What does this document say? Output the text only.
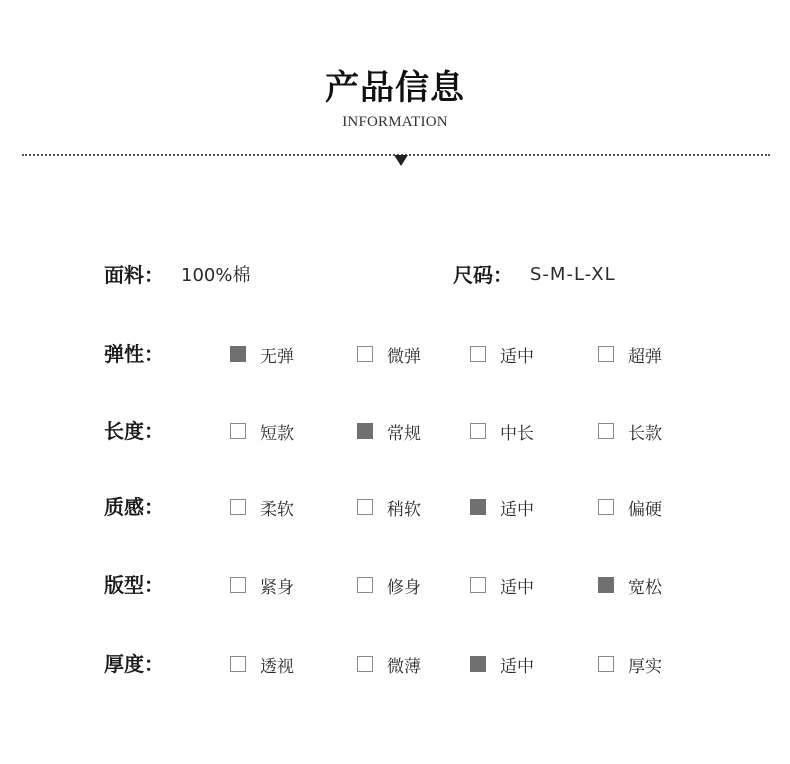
产品信息
INFORMATION
面料： 100%棉	尺码： S-M-L-XL
弹性：	无弹	微弹	适中	超弹
长度：	短款	常规	中长	长款
质感：	柔软	稍软	适中	偏硬
版型：	紧身	修身	适中	宽松
厚度：	透视	微薄	适中	厚实
